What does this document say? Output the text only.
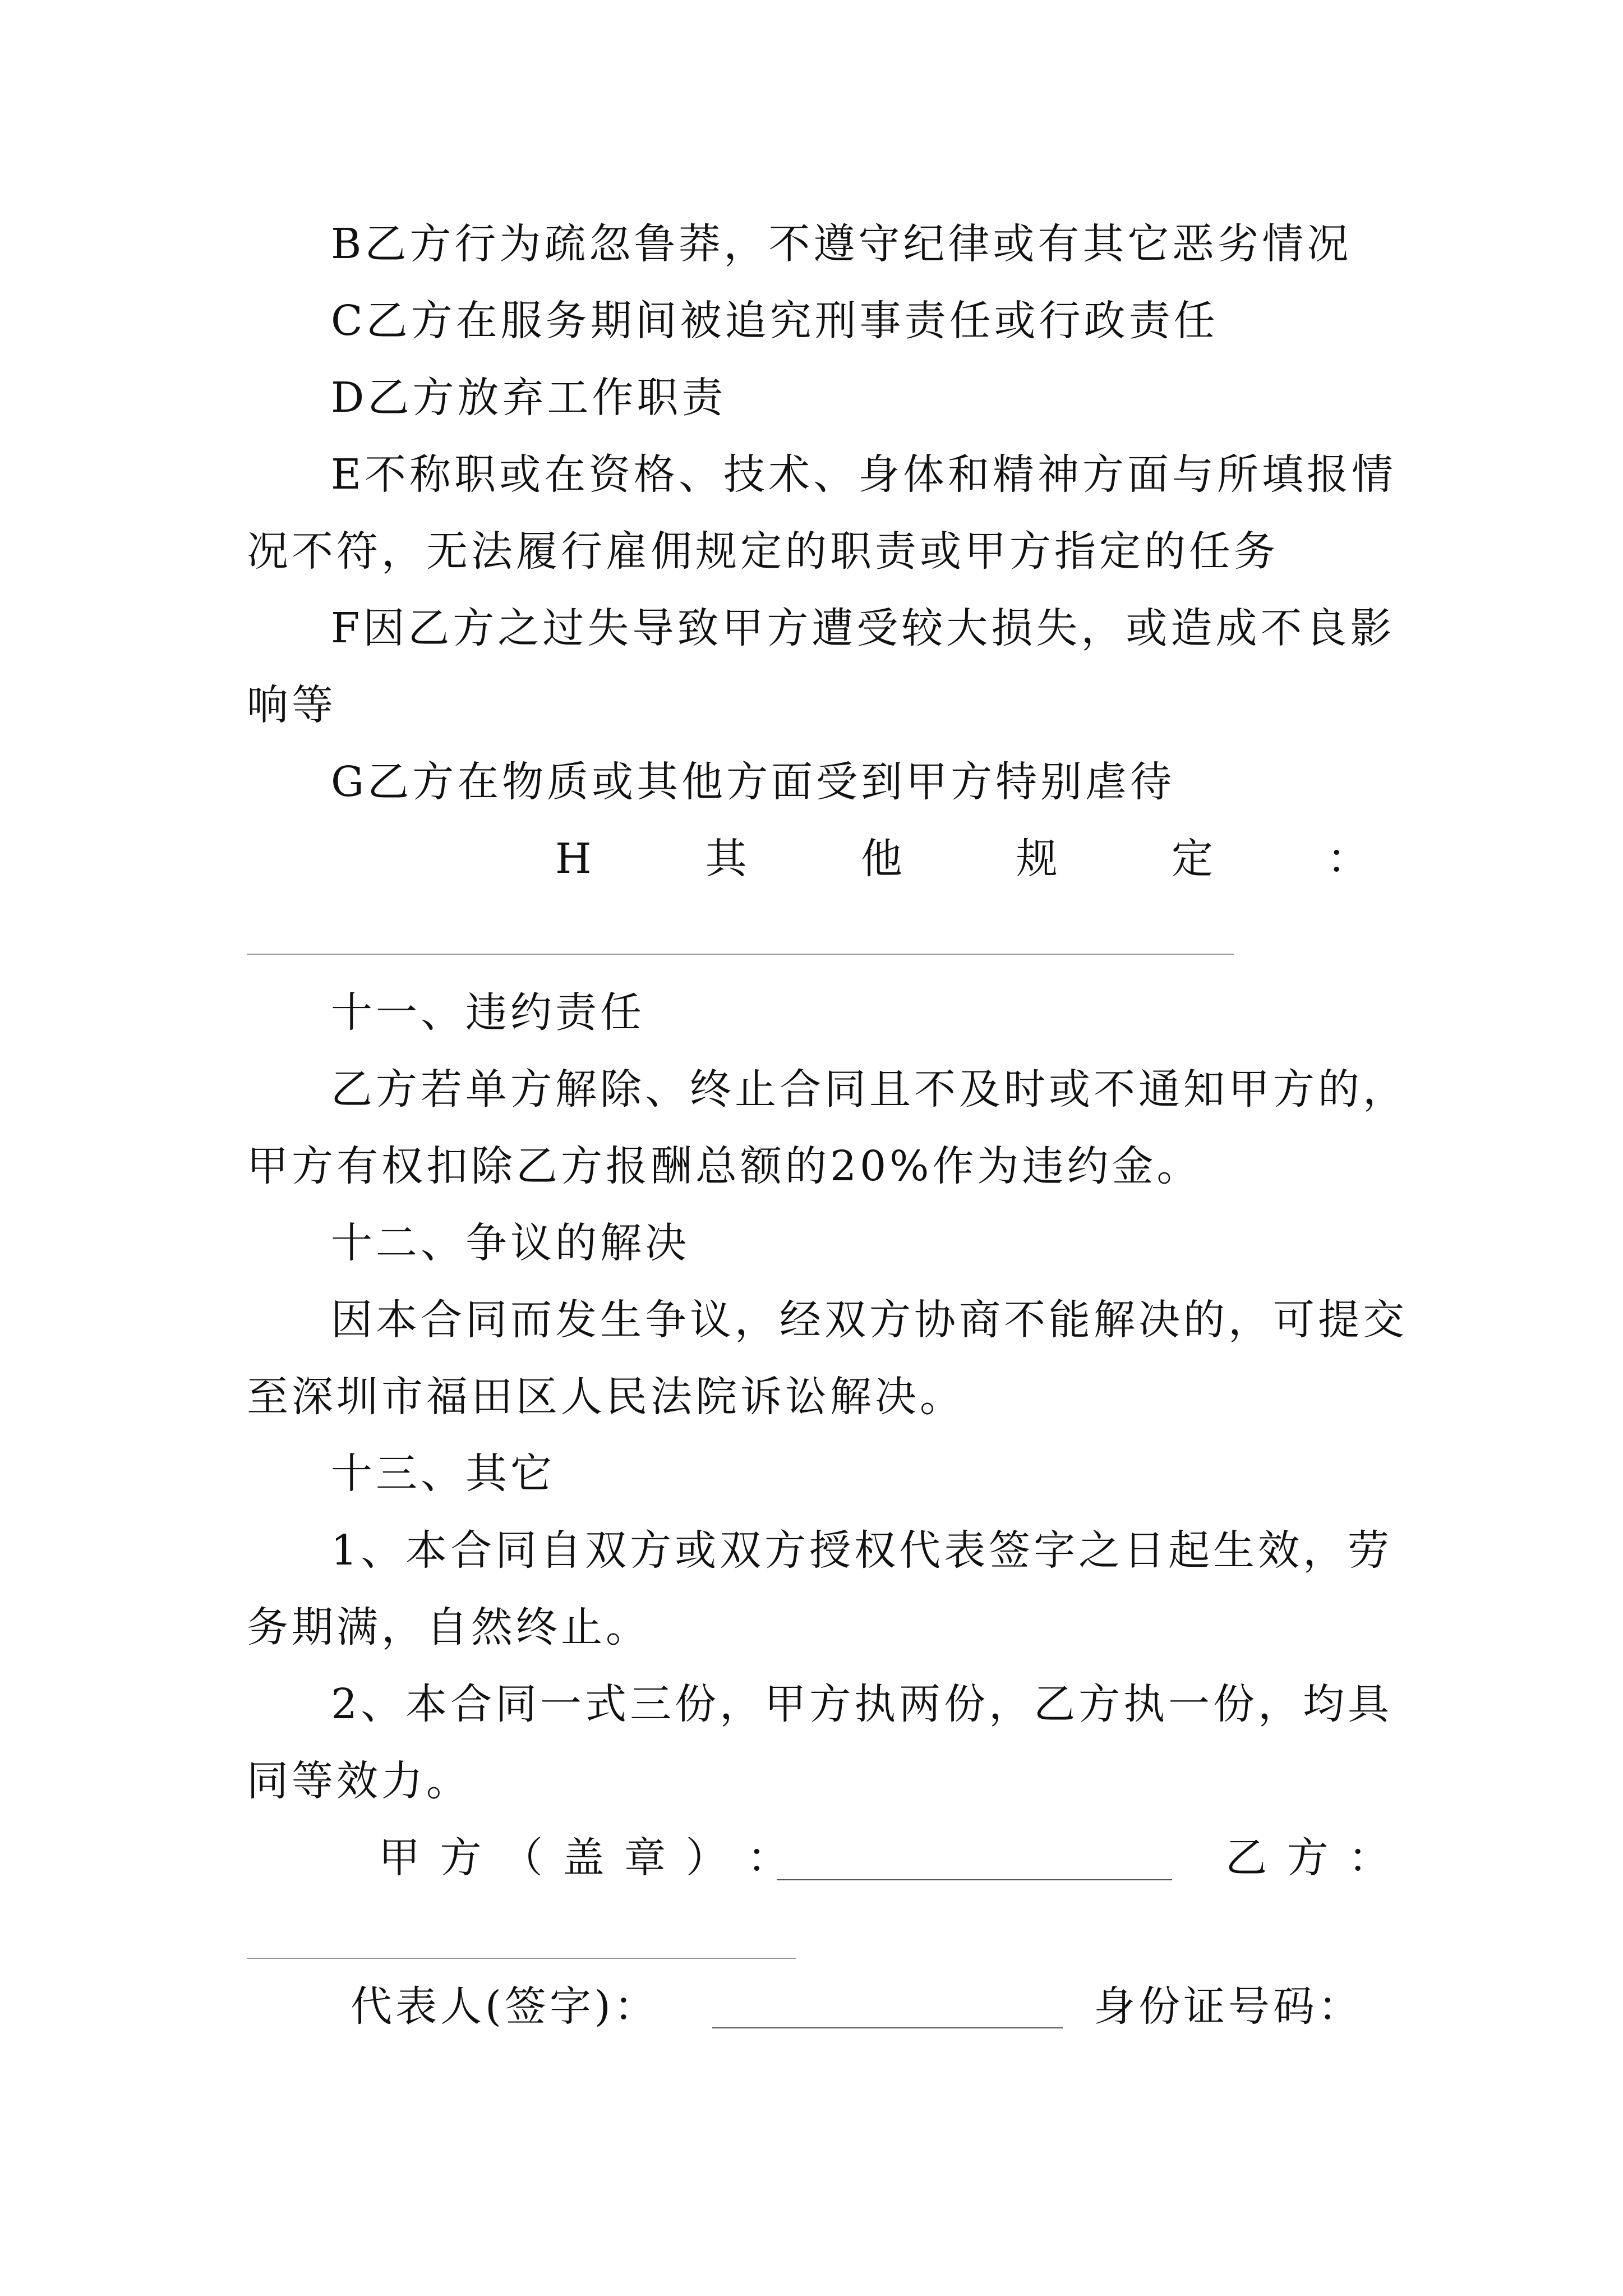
B乙方行为疏忽鲁莽，不遵守纪律或有其它恶劣情况
C乙方在服务期间被追究刑事责任或行政责任
D乙方放弃工作职责
E不称职或在资格、技术、身体和精神方面与所填报情
况不符，无法履行雇佣规定的职责或甲方指定的任务
F因乙方之过失导致甲方遭受较大损失，或造成不良影
响等
G乙方在物质或其他方面受到甲方特别虐待
H	其	他	规	定	：
十一、违约责任
乙方若单方解除、终止合同且不及时或不通知甲方的，
甲方有权扣除乙方报酬总额的20%作为违约金。
十二、争议的解决
因本合同而发生争议，经双方协商不能解决的，可提交
至深圳市福田区人民法院诉讼解决。
十三、其它
1、本合同自双方或双方授权代表签字之日起生效，劳
务期满，自然终止。
2、本合同一式三份，甲方执两份，乙方执一份，均具
同等效力。
甲 方 （ 盖 章 ） ：	乙 方 ：
代表人(签字)：	身份证号码：
